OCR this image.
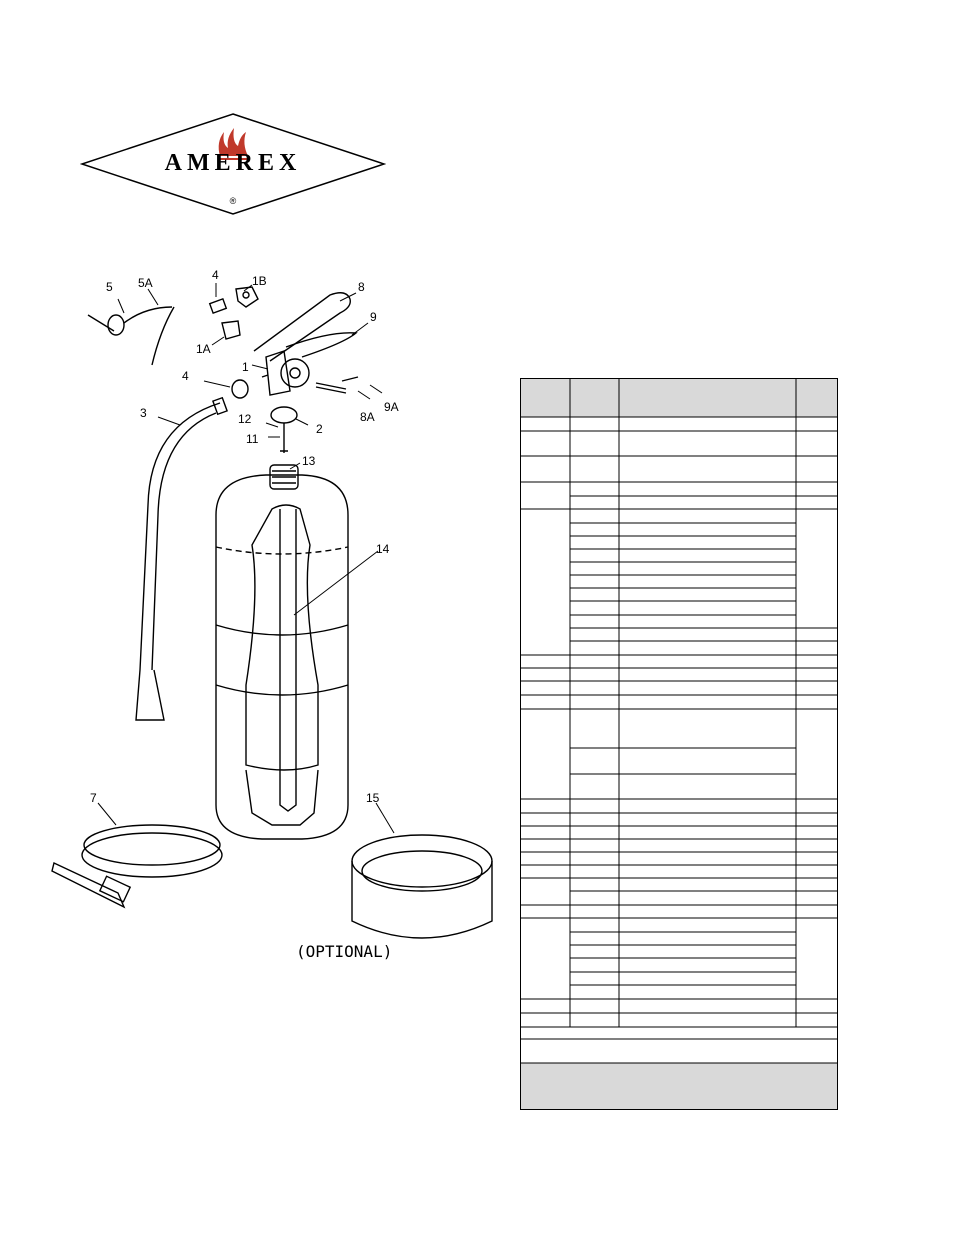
AMEREX
®
5 5A
4	1B	8
9
1A
1
4
3	12
2
11
13
8A
9A
14
7	15
(OPTIONAL)
